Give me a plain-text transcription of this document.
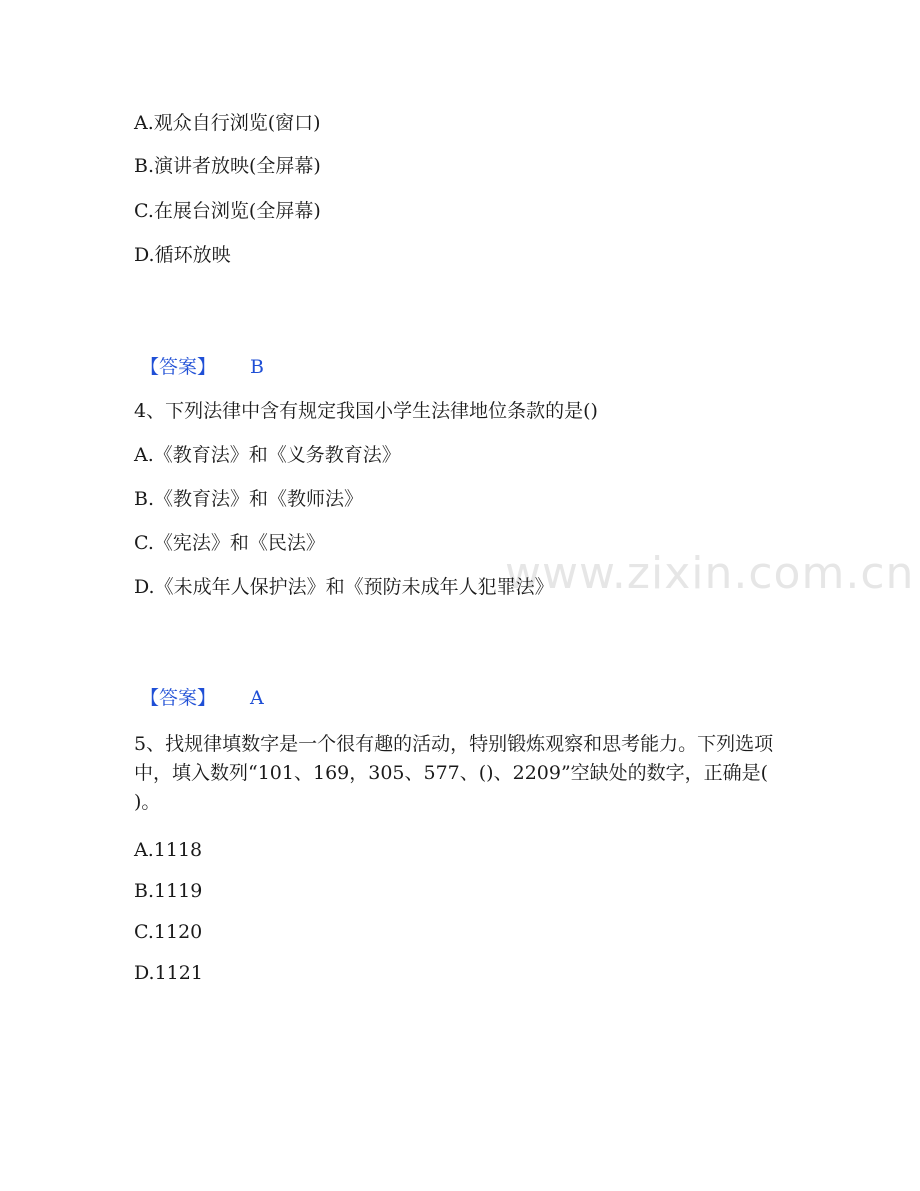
www.zixin.com.cn
A.观众自行浏览(窗口)
B.演讲者放映(全屏幕)
C.在展台浏览(全屏幕)
D.循环放映
【答案】 B
4、下列法律中含有规定我国小学生法律地位条款的是()
A.《教育法》和《义务教育法》
B.《教育法》和《教师法》
C.《宪法》和《民法》
D.《未成年人保护法》和《预防未成年人犯罪法》
【答案】 A
5、找规律填数字是一个很有趣的活动，特别锻炼观察和思考能力。下列选项中，填入数列“101、169，305、577、()、2209”空缺处的数字，正确是( )。
A.1118
B.1119
C.1120
D.1121
